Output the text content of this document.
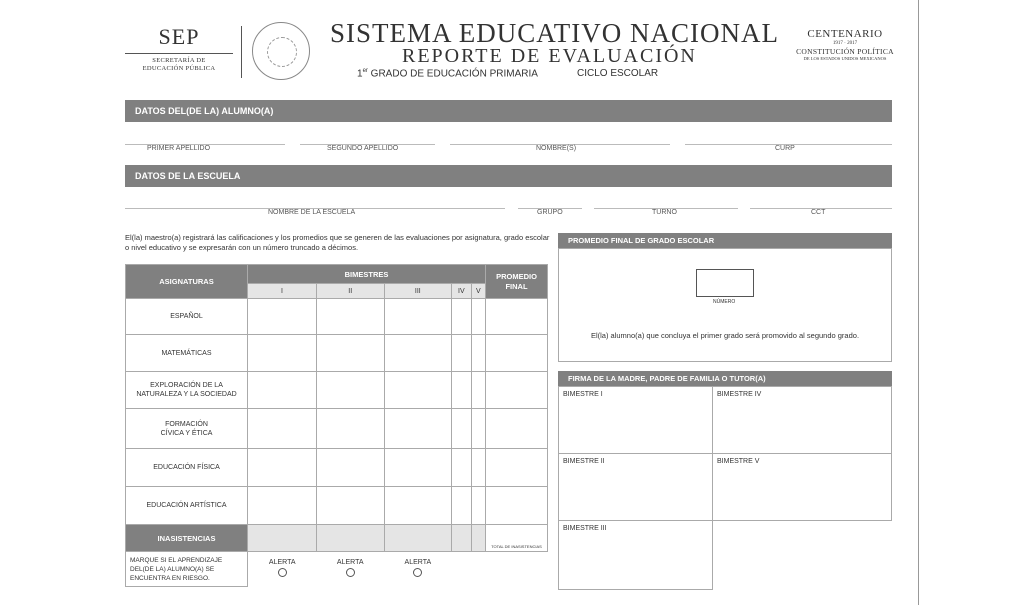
SEP
SECRETARÍA DE
EDUCACIÓN PÚBLICA
SISTEMA EDUCATIVO NACIONAL
REPORTE DE EVALUACIÓN
1er GRADO DE EDUCACIÓN PRIMARIA	CICLO ESCOLAR
CENTENARIO
1917 · 2017
CONSTITUCIÓN POLÍTICA
DE LOS ESTADOS UNIDOS MEXICANOS
DATOS DEL(DE LA) ALUMNO(A)
PRIMER APELLIDO	SEGUNDO APELLIDO	NOMBRE(S)	CURP
DATOS DE LA ESCUELA
NOMBRE DE LA ESCUELA	GRUPO	TURNO	CCT
El(la) maestro(a) registrará las calificaciones y los promedios que se generen de las evaluaciones por asignatura, grado escolar o nivel educativo y se expresarán con un número truncado a décimos.
ASIGNATURAS	BIMESTRES					PROMEDIO
FINAL
	I	II	III	IV	V	
ESPAÑOL						
MATEMÁTICAS						
EXPLORACIÓN DE LA NATURALEZA Y LA SOCIEDAD						
FORMACIÓN CÍVICA Y ÉTICA						
EDUCACIÓN FÍSICA						
EDUCACIÓN ARTÍSTICA						
INASISTENCIAS						TOTAL DE INASISTENCIAS
MARQUE SI EL APRENDIZAJE DEL(DE LA) ALUMNO(A) SE ENCUENTRA EN RIESGO.	ALERTA	ALERTA	ALERTA			

PROMEDIO FINAL DE GRADO ESCOLAR
NÚMERO
El(la) alumno(a) que concluya el primer grado será promovido al segundo grado.
FIRMA DE LA MADRE, PADRE DE FAMILIA O TUTOR(A)
BIMESTRE I	BIMESTRE IV
BIMESTRE II	BIMESTRE V
BIMESTRE III
